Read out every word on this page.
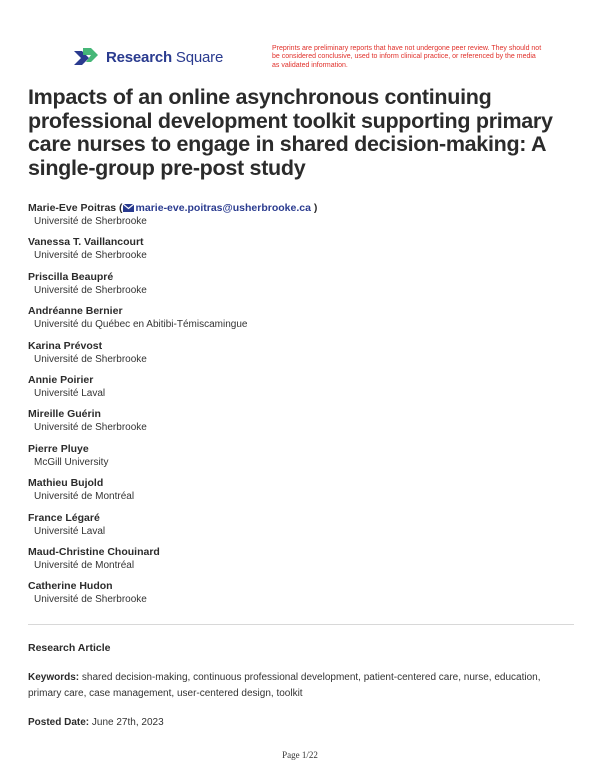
Research Square	Preprints are preliminary reports that have not undergone peer review. They should not be considered conclusive, used to inform clinical practice, or referenced by the media as validated information.
Impacts of an online asynchronous continuing professional development toolkit supporting primary care nurses to engage in shared decision-making: A single-group pre-post study
Marie-Eve Poitras ( marie-eve.poitras@usherbrooke.ca )
Université de Sherbrooke
Vanessa T. Vaillancourt
Université de Sherbrooke
Priscilla Beaupré
Université de Sherbrooke
Andréanne Bernier
Université du Québec en Abitibi-Témiscamingue
Karina Prévost
Université de Sherbrooke
Annie Poirier
Université Laval
Mireille Guérin
Université de Sherbrooke
Pierre Pluye
McGill University
Mathieu Bujold
Université de Montréal
France Légaré
Université Laval
Maud-Christine Chouinard
Université de Montréal
Catherine Hudon
Université de Sherbrooke
Research Article
Keywords: shared decision-making, continuous professional development, patient-centered care, nurse, education, primary care, case management, user-centered design, toolkit
Posted Date: June 27th, 2023
Page 1/22
